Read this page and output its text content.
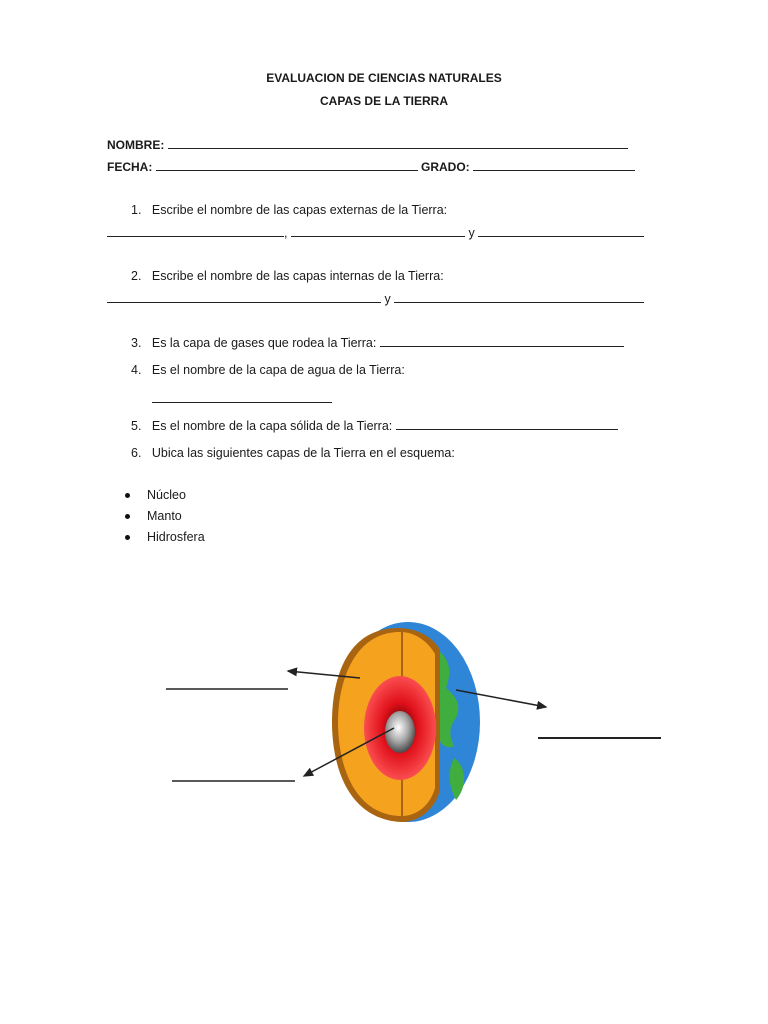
EVALUACION DE CIENCIAS NATURALES
CAPAS DE LA TIERRA
NOMBRE:
FECHA:	GRADO:
1. Escribe el nombre de las capas externas de la Tierra:
,	y
2. Escribe el nombre de las capas internas de la Tierra:
y
3. Es la capa de gases que rodea la Tierra:
4. Es el nombre de la capa de agua de la Tierra:
5. Es el nombre de la capa sólida de la Tierra:
6. Ubica las siguientes capas de la Tierra en el esquema:
Núcleo
Manto
Hidrosfera
